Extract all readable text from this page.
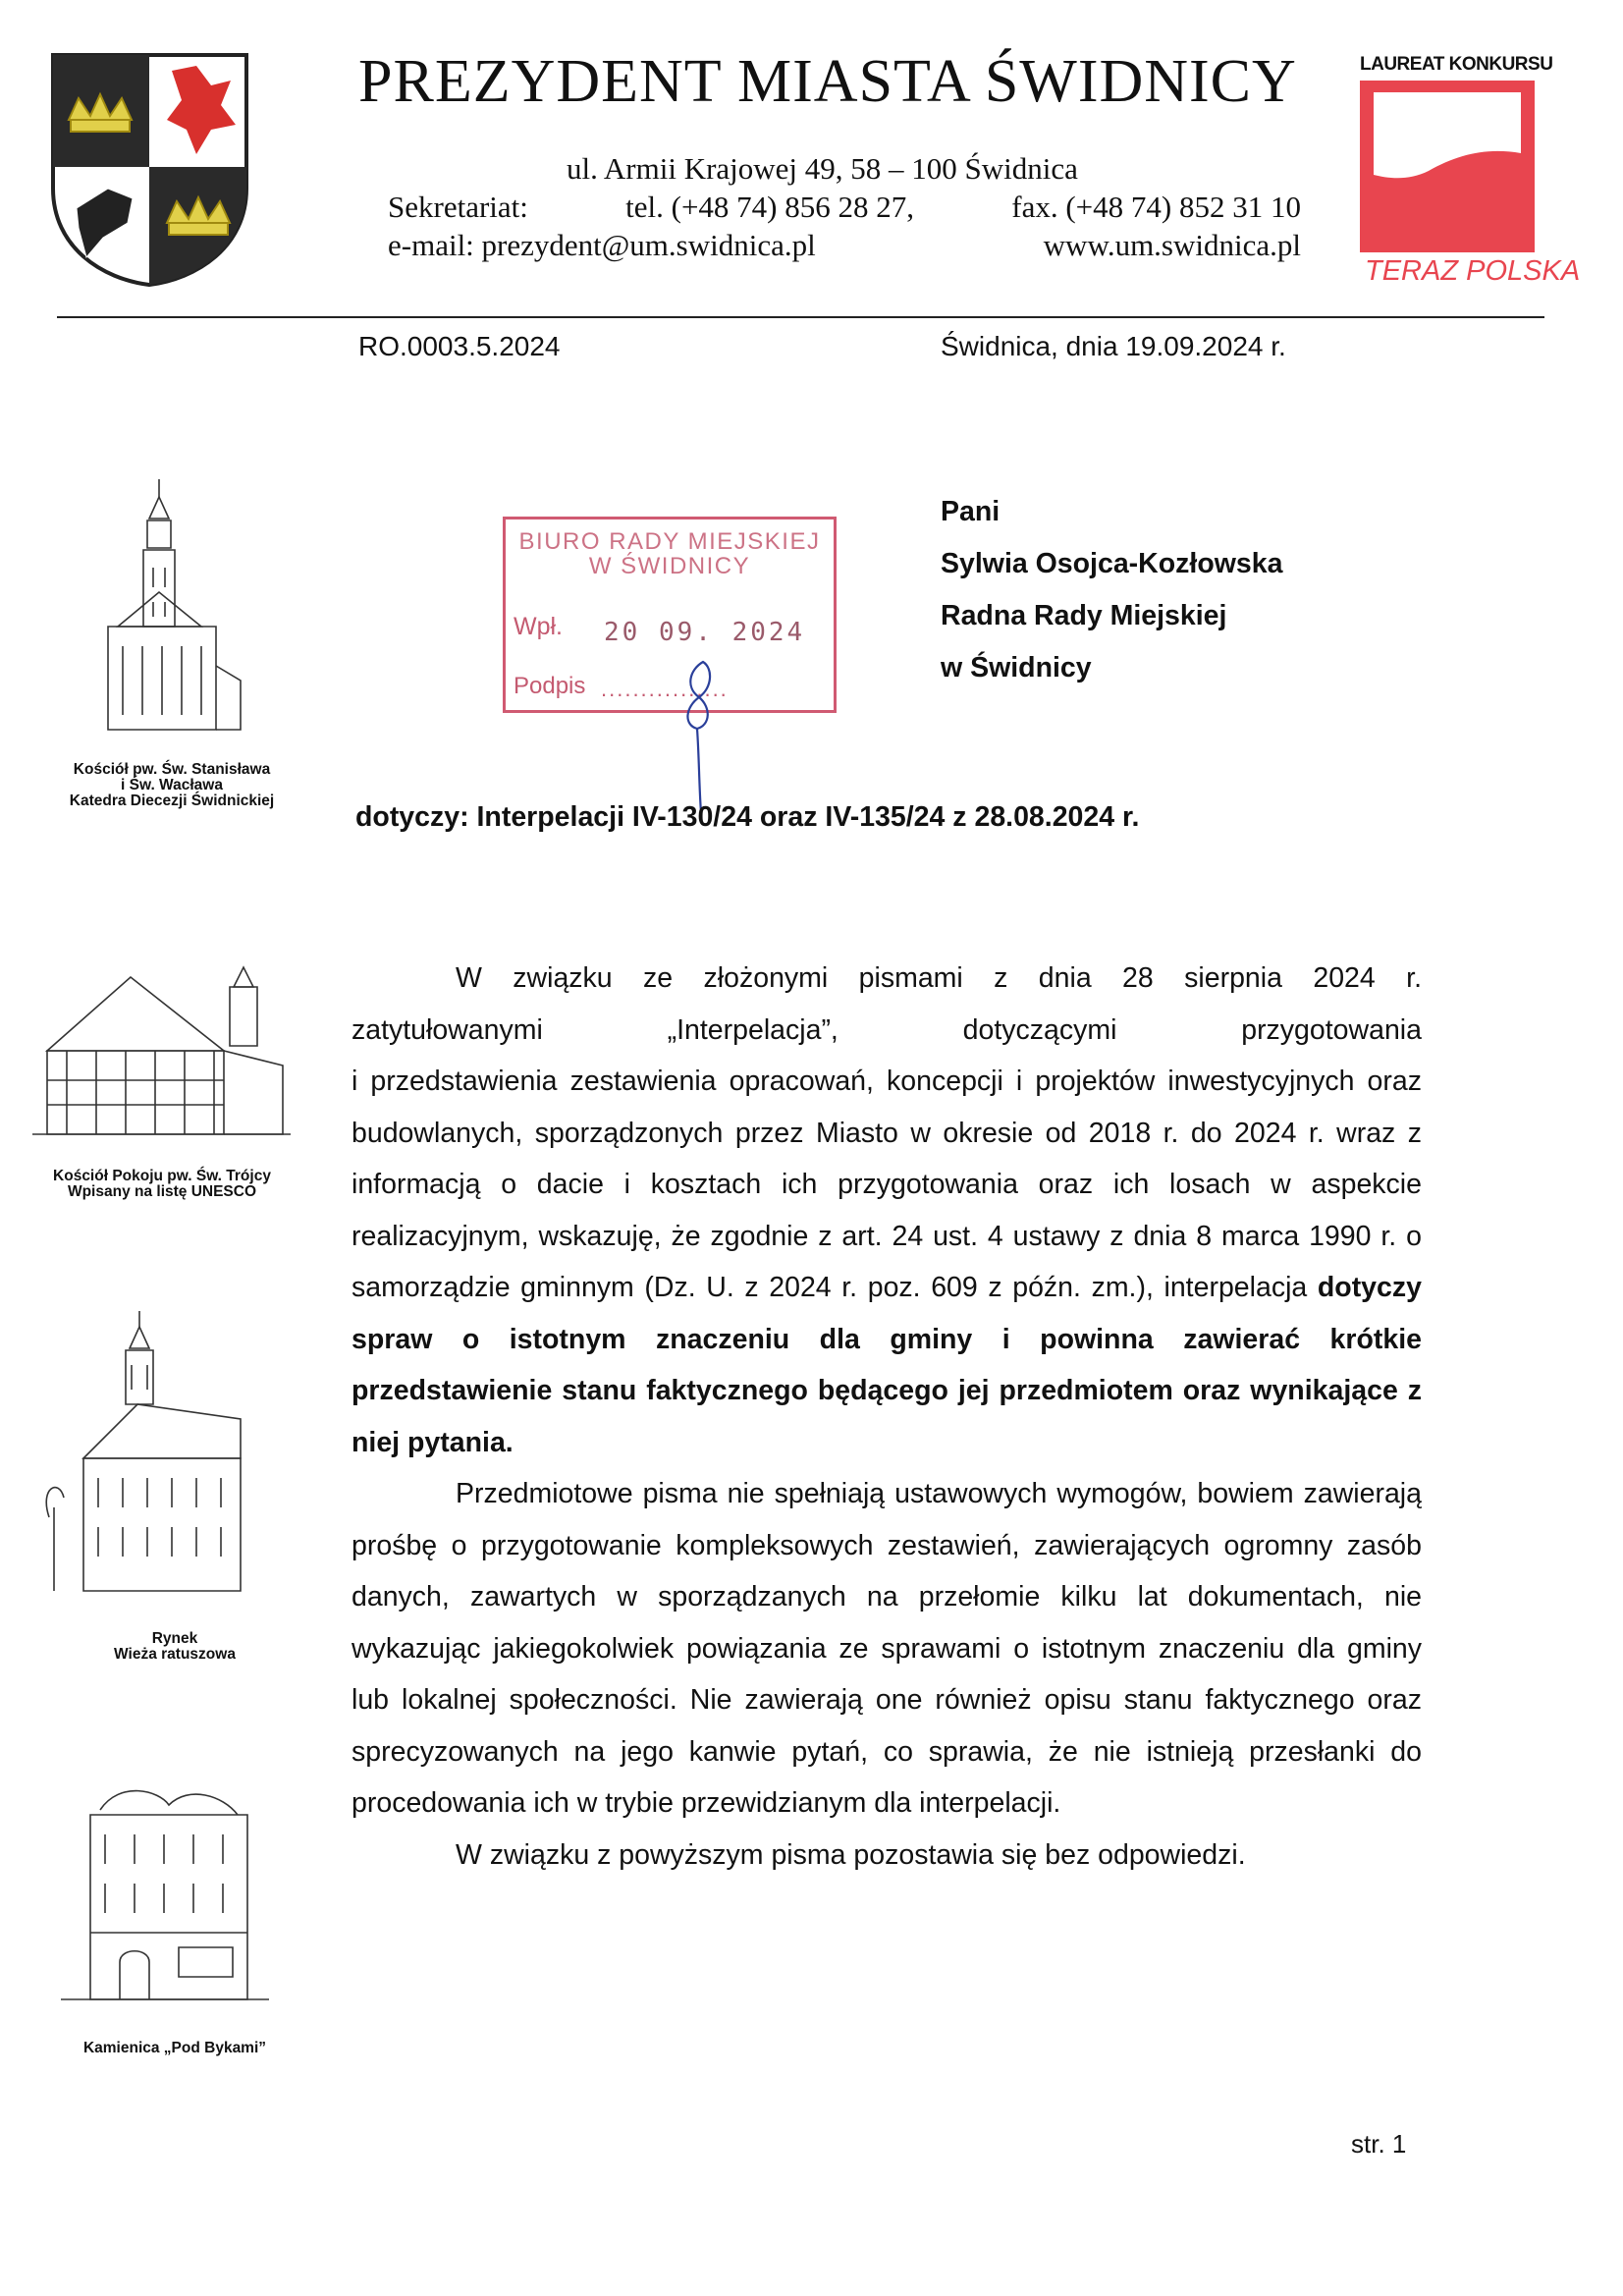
PREZYDENT MIASTA ŚWIDNICY
ul. Armii Krajowej 49, 58 – 100 Świdnica
Sekretariat:	tel. (+48 74) 856 28 27,	fax. (+48 74) 852 31 10
e-mail: prezydent@um.swidnica.pl	www.um.swidnica.pl
LAUREAT KONKURSU
TERAZ POLSKA
RO.0003.5.2024	Świdnica, dnia 19.09.2024 r.
Pani
Sylwia Osojca-Kozłowska
Radna Rady Miejskiej
w Świdnicy
BIURO RADY MIEJSKIEJ
W ŚWIDNICY
Wpł. 20 09. 2024
Podpis ................
dotyczy: Interpelacji IV-130/24 oraz IV-135/24 z 28.08.2024 r.

W związku ze złożonymi pismami z dnia 28 sierpnia 2024 r.
zatytułowanymi	„Interpelacja”,	dotyczącymi	przygotowania
i przedstawienia zestawienia opracowań, koncepcji i projektów inwestycyjnych oraz budowlanych, sporządzonych przez Miasto w okresie od 2018 r. do 2024 r. wraz z informacją o dacie i kosztach ich przygotowania oraz ich losach w aspekcie realizacyjnym, wskazuję, że zgodnie z art. 24 ust. 4 ustawy z dnia 8 marca 1990 r. o samorządzie gminnym (Dz. U. z 2024 r. poz. 609 z późn. zm.), interpelacja dotyczy spraw o istotnym znaczeniu dla gminy i powinna zawierać krótkie przedstawienie stanu faktycznego będącego jej przedmiotem oraz wynikające z niej pytania.

Przedmiotowe pisma nie spełniają ustawowych wymogów, bowiem zawierają prośbę o przygotowanie kompleksowych zestawień, zawierających ogromny zasób danych, zawartych w sporządzanych na przełomie kilku lat dokumentach, nie wykazując jakiegokolwiek powiązania ze sprawami o istotnym znaczeniu dla gminy lub lokalnej społeczności. Nie zawierają one również opisu stanu faktycznego oraz sprecyzowanych na jego kanwie pytań, co sprawia, że nie istnieją przesłanki do procedowania ich w trybie przewidzianym dla interpelacji.

W związku z powyższym pisma pozostawia się bez odpowiedzi.

Kościół pw. Św. Stanisława
i Św. Wacława
Katedra Diecezji Świdnickiej
Kościół Pokoju pw. Św. Trójcy
Wpisany na listę UNESCO
Rynek
Wieża ratuszowa
Kamienica „Pod Bykami”
str. 1
